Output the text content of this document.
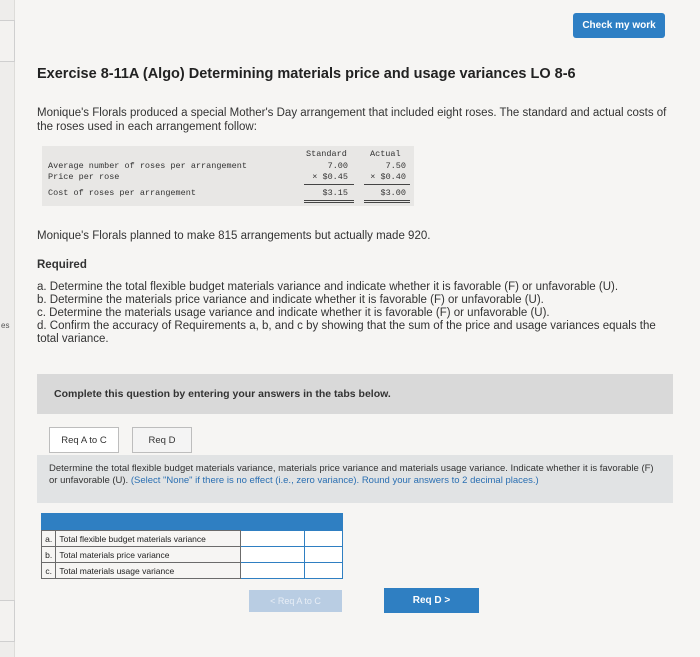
es
Check my work
Exercise 8-11A (Algo) Determining materials price and usage variances LO 8-6
Monique's Florals produced a special Mother's Day arrangement that included eight roses. The standard and actual costs of the roses used in each arrangement follow:
Standard	Actual
Average number of roses per arrangement	7.00	7.50
Price per rose	× $0.45	× $0.40
Cost of roses per arrangement	$3.15	$3.00
Monique's Florals planned to make 815 arrangements but actually made 920.
Required
a. Determine the total flexible budget materials variance and indicate whether it is favorable (F) or unfavorable (U).
b. Determine the materials price variance and indicate whether it is favorable (F) or unfavorable (U).
c. Determine the materials usage variance and indicate whether it is favorable (F) or unfavorable (U).
d. Confirm the accuracy of Requirements a, b, and c by showing that the sum of the price and usage variances equals the total variance.
Complete this question by entering your answers in the tabs below.
Req A to C	Req D

Determine the total flexible budget materials variance, materials price variance and materials usage variance. Indicate whether it is favorable (F) or unfavorable (U). (Select "None" if there is no effect (i.e., zero variance). Round your answers to 2 decimal places.)

a.	Total flexible budget materials variance		
b.	Total materials price variance		
c.	Total materials usage variance		
< Req A to C	Req D >
